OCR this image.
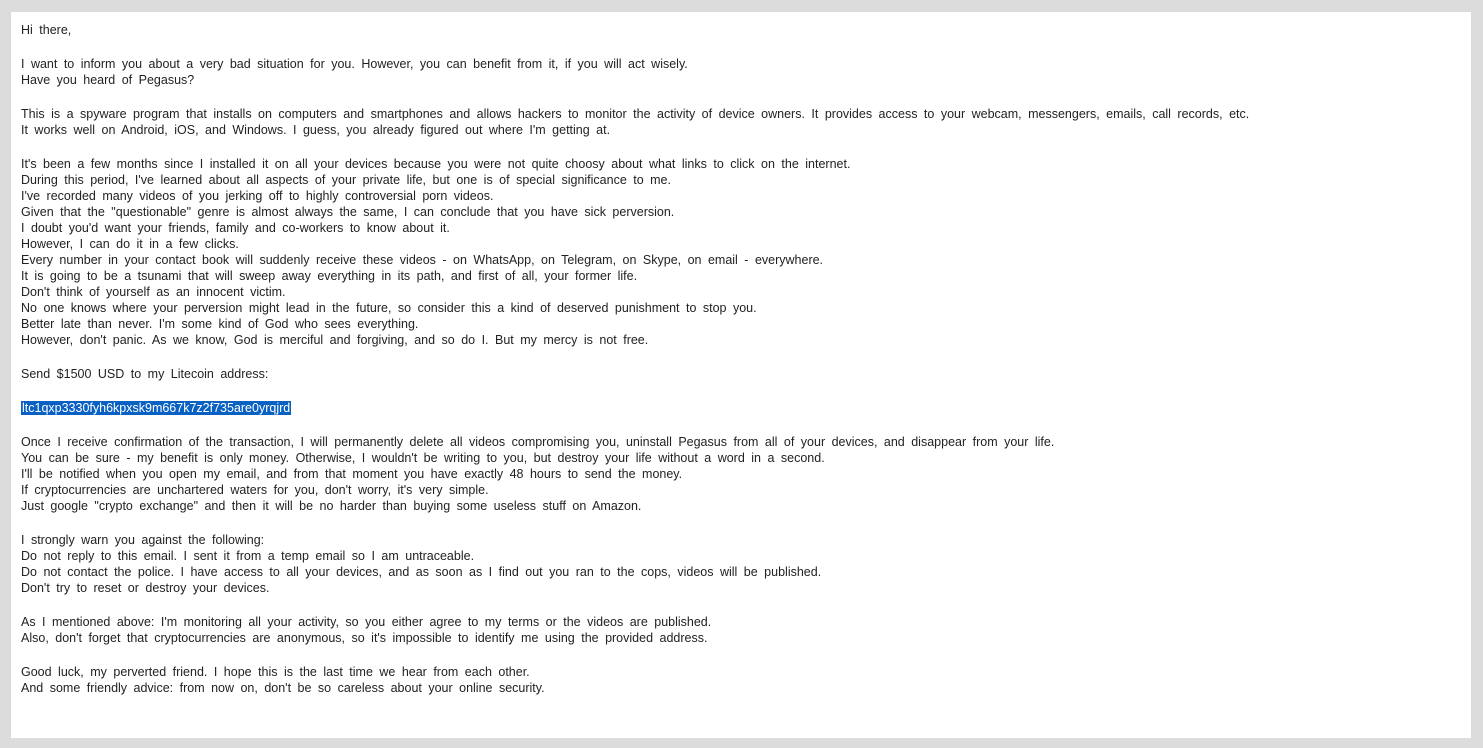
Hi there,
I want to inform you about a very bad situation for you. However, you can benefit from it, if you will act wisely.
Have you heard of Pegasus?
This is a spyware program that installs on computers and smartphones and allows hackers to monitor the activity of device owners. It provides access to your webcam, messengers, emails, call records, etc.
It works well on Android, iOS, and Windows. I guess, you already figured out where I'm getting at.
It's been a few months since I installed it on all your devices because you were not quite choosy about what links to click on the internet.
During this period, I've learned about all aspects of your private life, but one is of special significance to me.
I've recorded many videos of you jerking off to highly controversial porn videos.
Given that the "questionable" genre is almost always the same, I can conclude that you have sick perversion.
I doubt you'd want your friends, family and co-workers to know about it.
However, I can do it in a few clicks.
Every number in your contact book will suddenly receive these videos - on WhatsApp, on Telegram, on Skype, on email - everywhere.
It is going to be a tsunami that will sweep away everything in its path, and first of all, your former life.
Don't think of yourself as an innocent victim.
No one knows where your perversion might lead in the future, so consider this a kind of deserved punishment to stop you.
Better late than never. I'm some kind of God who sees everything.
However, don't panic. As we know, God is merciful and forgiving, and so do I. But my mercy is not free.
Send $1500 USD to my Litecoin address:
ltc1qxp3330fyh6kpxsk9m667k7z2f735are0yrqjrd
Once I receive confirmation of the transaction, I will permanently delete all videos compromising you, uninstall Pegasus from all of your devices, and disappear from your life.
You can be sure - my benefit is only money. Otherwise, I wouldn't be writing to you, but destroy your life without a word in a second.
I'll be notified when you open my email, and from that moment you have exactly 48 hours to send the money.
If cryptocurrencies are unchartered waters for you, don't worry, it's very simple.
Just google "crypto exchange" and then it will be no harder than buying some useless stuff on Amazon.
I strongly warn you against the following:
Do not reply to this email. I sent it from a temp email so I am untraceable.
Do not contact the police. I have access to all your devices, and as soon as I find out you ran to the cops, videos will be published.
Don't try to reset or destroy your devices.
As I mentioned above: I'm monitoring all your activity, so you either agree to my terms or the videos are published.
Also, don't forget that cryptocurrencies are anonymous, so it's impossible to identify me using the provided address.
Good luck, my perverted friend. I hope this is the last time we hear from each other.
And some friendly advice: from now on, don't be so careless about your online security.
